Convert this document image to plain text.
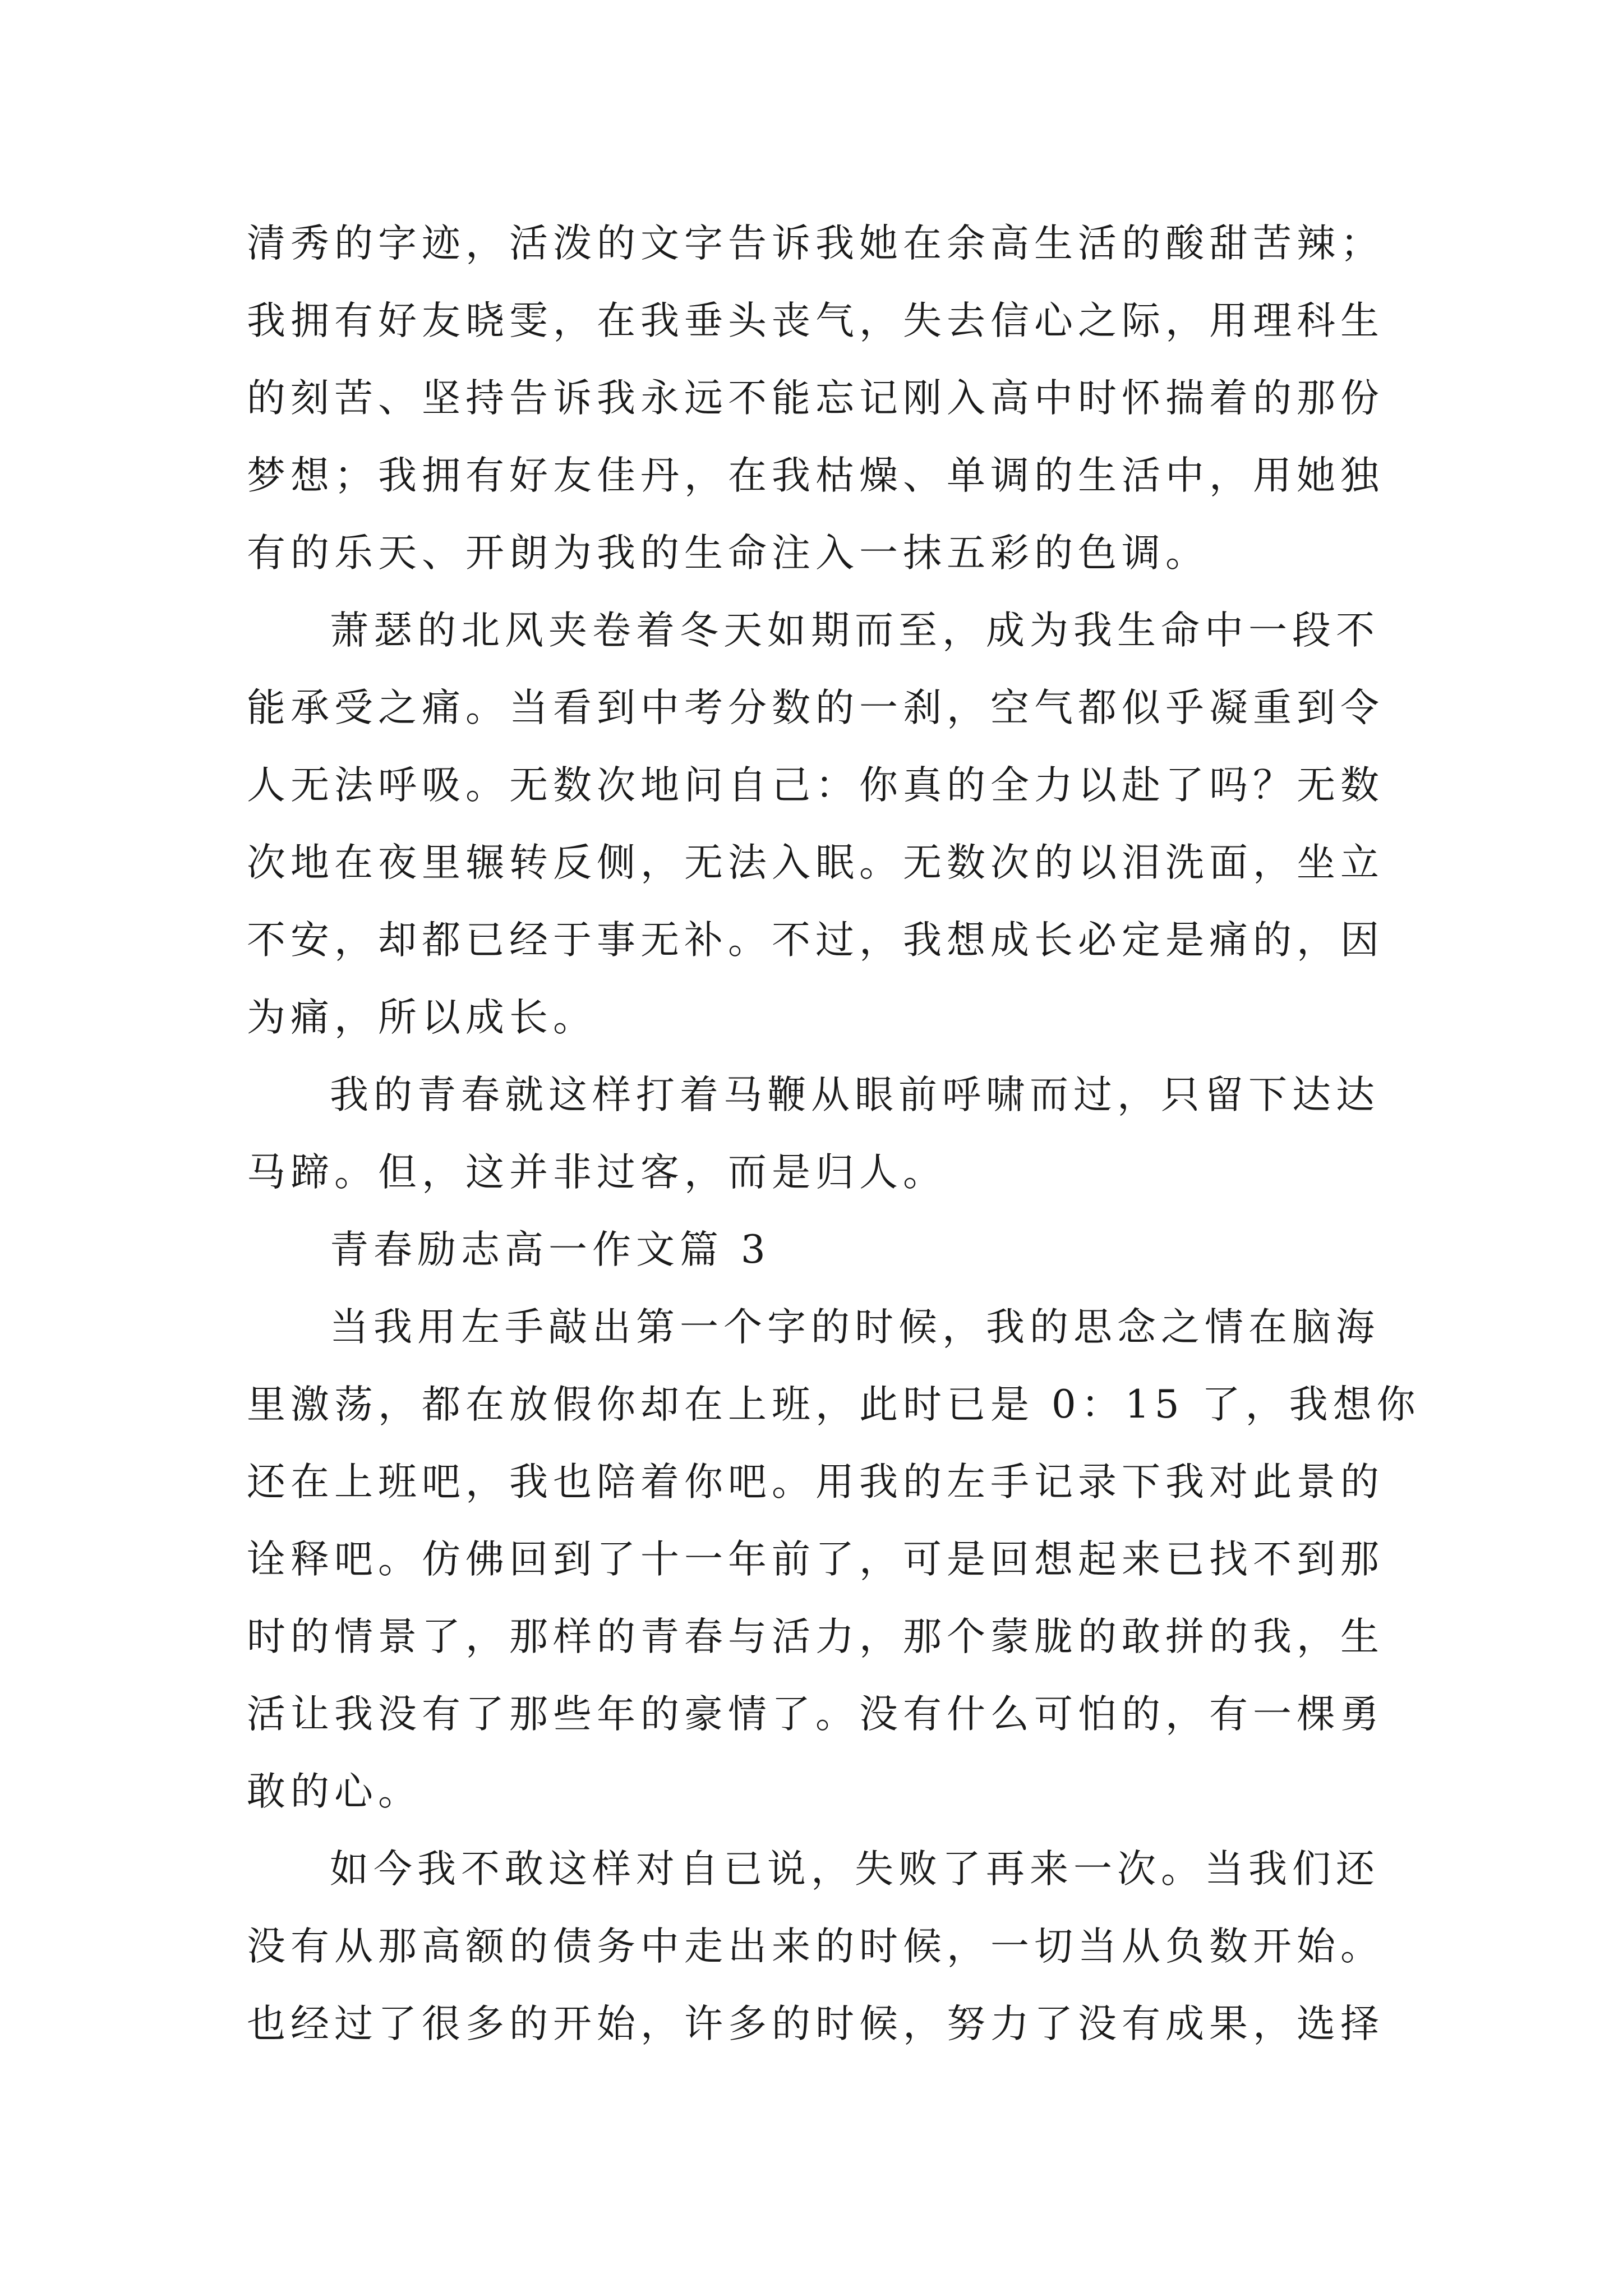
清秀的字迹，活泼的文字告诉我她在余高生活的酸甜苦辣；
我拥有好友晓雯，在我垂头丧气，失去信心之际，用理科生
的刻苦、坚持告诉我永远不能忘记刚入高中时怀揣着的那份
梦想；我拥有好友佳丹，在我枯燥、单调的生活中，用她独
有的乐天、开朗为我的生命注入一抹五彩的色调。
萧瑟的北风夹卷着冬天如期而至，成为我生命中一段不
能承受之痛。当看到中考分数的一刹，空气都似乎凝重到令
人无法呼吸。无数次地问自己：你真的全力以赴了吗？无数
次地在夜里辗转反侧，无法入眠。无数次的以泪洗面，坐立
不安，却都已经于事无补。不过，我想成长必定是痛的，因
为痛，所以成长。
我的青春就这样打着马鞭从眼前呼啸而过，只留下达达
马蹄。但，这并非过客，而是归人。
青春励志高一作文篇 3
当我用左手敲出第一个字的时候，我的思念之情在脑海
里激荡，都在放假你却在上班，此时已是 0：15 了，我想你
还在上班吧，我也陪着你吧。用我的左手记录下我对此景的
诠释吧。仿佛回到了十一年前了，可是回想起来已找不到那
时的情景了，那样的青春与活力，那个蒙胧的敢拼的我，生
活让我没有了那些年的豪情了。没有什么可怕的，有一棵勇
敢的心。
如今我不敢这样对自已说，失败了再来一次。当我们还
没有从那高额的债务中走出来的时候，一切当从负数开始。
也经过了很多的开始，许多的时候，努力了没有成果，选择
